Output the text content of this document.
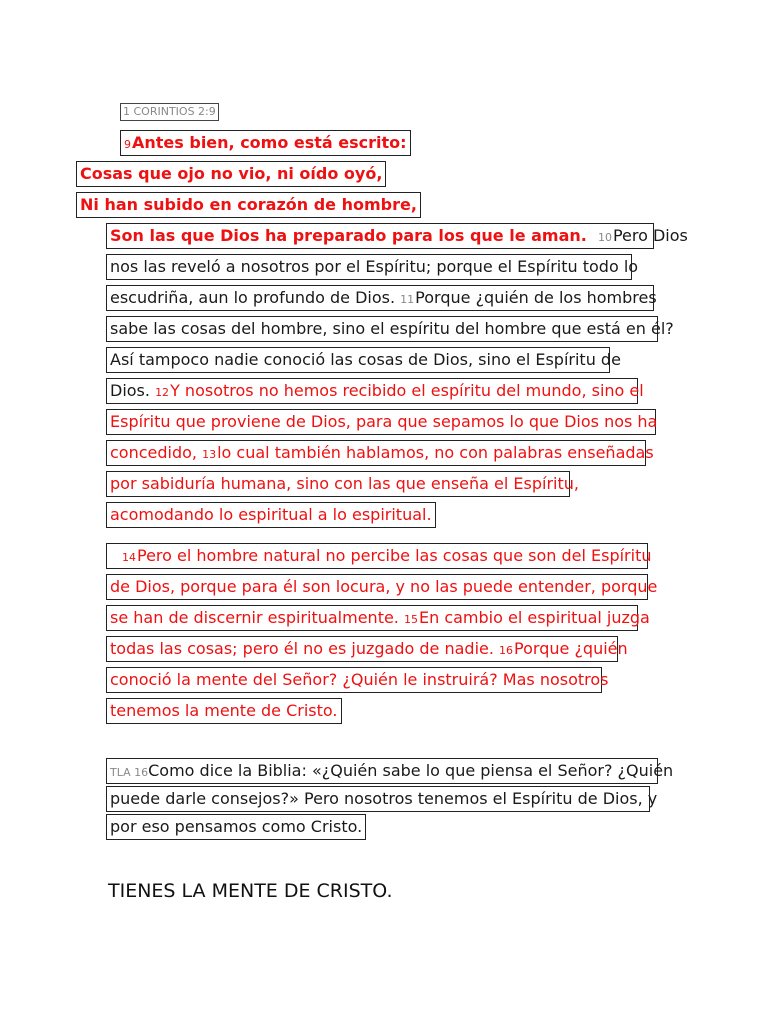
1 CORINTIOS 2:9
9Antes bien, como está escrito:
Cosas que ojo no vio, ni oído oyó,
Ni han subido en corazón de hombre,
Son las que Dios ha preparado para los que le aman. 10Pero Dios
nos las reveló a nosotros por el Espíritu; porque el Espíritu todo lo
escudriña, aun lo profundo de Dios. 11Porque ¿quién de los hombres
sabe las cosas del hombre, sino el espíritu del hombre que está en él?
Así tampoco nadie conoció las cosas de Dios, sino el Espíritu de
Dios. 12Y nosotros no hemos recibido el espíritu del mundo, sino el
Espíritu que proviene de Dios, para que sepamos lo que Dios nos ha
concedido, 13lo cual también hablamos, no con palabras enseñadas
por sabiduría humana, sino con las que enseña el Espíritu,
acomodando lo espiritual a lo espiritual.
14Pero el hombre natural no percibe las cosas que son del Espíritu
de Dios, porque para él son locura, y no las puede entender, porque
se han de discernir espiritualmente. 15En cambio el espiritual juzga
todas las cosas; pero él no es juzgado de nadie. 16Porque ¿quién
conoció la mente del Señor? ¿Quién le instruirá? Mas nosotros
tenemos la mente de Cristo.
TLA 16Como dice la Biblia: «¿Quién sabe lo que piensa el Señor? ¿Quién
puede darle consejos?» Pero nosotros tenemos el Espíritu de Dios, y
por eso pensamos como Cristo.
TIENES LA MENTE DE CRISTO.
